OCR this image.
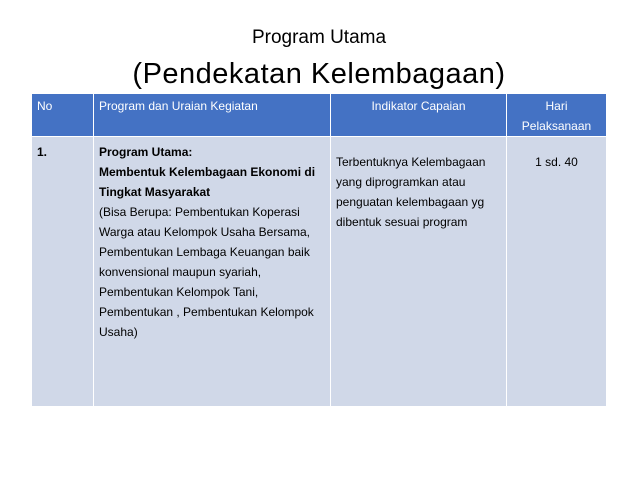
Program Utama
(Pendekatan Kelembagaan)
No	Program dan Uraian Kegiatan	Indikator Capaian	Hari
Pelaksanaan

1.	Program Utama:
Membentuk Kelembagaan Ekonomi di Tingkat Masyarakat
(Bisa Berupa: Pembentukan Koperasi Warga atau Kelompok Usaha Bersama, Pembentukan Lembaga Keuangan baik konvensional maupun syariah, Pembentukan Kelompok Tani, Pembentukan , Pembentukan Kelompok Usaha)	Terbentuknya Kelembagaan yang diprogramkan atau penguatan kelembagaan yg dibentuk sesuai program	1 sd. 40
